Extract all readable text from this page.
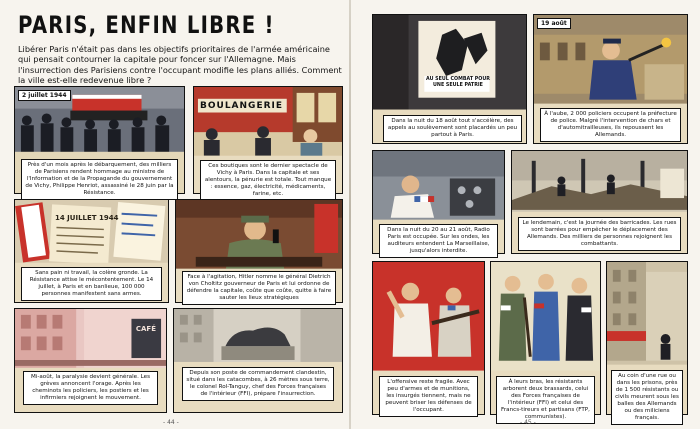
PARIS, ENFIN LIBRE !
Libérer Paris n'était pas dans les objectifs prioritaires de l'armée américaine qui pensait contourner la capitale pour foncer sur l'Allemagne. Mais l'insurrection des Parisiens contre l'occupant modifie les plans alliés. Comment la ville est-elle redevenue libre ?
2 juillet 1944
Près d'un mois après le débarquement, des milliers de Parisiens rendent hommage au ministre de l'Information et de la Propagande du gouvernement de Vichy, Philippe Henriot, assassiné le 28 juin par la Résistance.
BOULANGERIE
Ces boutiques sont le dernier spectacle de Vichy à Paris. Dans la capitale et ses alentours, la pénurie est totale. Tout manque : essence, gaz, électricité, médicaments, farine, etc.
14 JUILLET 1944
Sans pain ni travail, la colère gronde. La Résistance attise le mécontentement. Le 14 juillet, à Paris et en banlieue, 100 000 personnes manifestent sans armes.
Face à l'agitation, Hitler nomme le général Dietrich von Choltitz gouverneur de Paris et lui ordonne de défendre la capitale, coûte que coûte, quitte à faire sauter les lieux stratégiques
CAFÉ
Mi-août, la paralysie devient générale. Les grèves annoncent l'orage. Après les cheminots les policiers, les postiers et les infirmiers rejoignent le mouvement.
Depuis son poste de commandement clandestin, situé dans les catacombes, à 26 mètres sous terre, le colonel Rol-Tanguy, chef des Forces françaises de l'intérieur (FFI), prépare l'insurrection.
- 44 -
AU SEUL COMBAT POUR UNE SEULE PATRIE
Dans la nuit du 18 août tout s'accélère, des appels au soulèvement sont placardés un peu partout à Paris.
19 août
À l'aube, 2 000 policiers occupent la préfecture de police. Malgré l'intervention de chars et d'automitrailleuses, ils repoussent les Allemands.
Dans la nuit du 20 au 21 août, Radio Paris est occupée. Sur les ondes, les auditeurs entendent La Marseillaise, jusqu'alors interdite.
Le lendemain, c'est la journée des barricades. Les rues sont barrées pour empêcher le déplacement des Allemands. Des milliers de personnes rejoignent les combattants.
L'offensive reste fragile. Avec peu d'armes et de munitions, les insurgés tiennent, mais ne peuvent briser les défenses de l'occupant.
À leurs bras, les résistants arborent deux brassards, celui des Forces françaises de l'intérieur (FFI) et celui des Francs-tireurs et partisans (FTP, communistes).
Au coin d'une rue ou dans les prisons, près de 1 500 résistants ou civils meurent sous les balles des Allemands ou des miliciens français.
- 45 -
